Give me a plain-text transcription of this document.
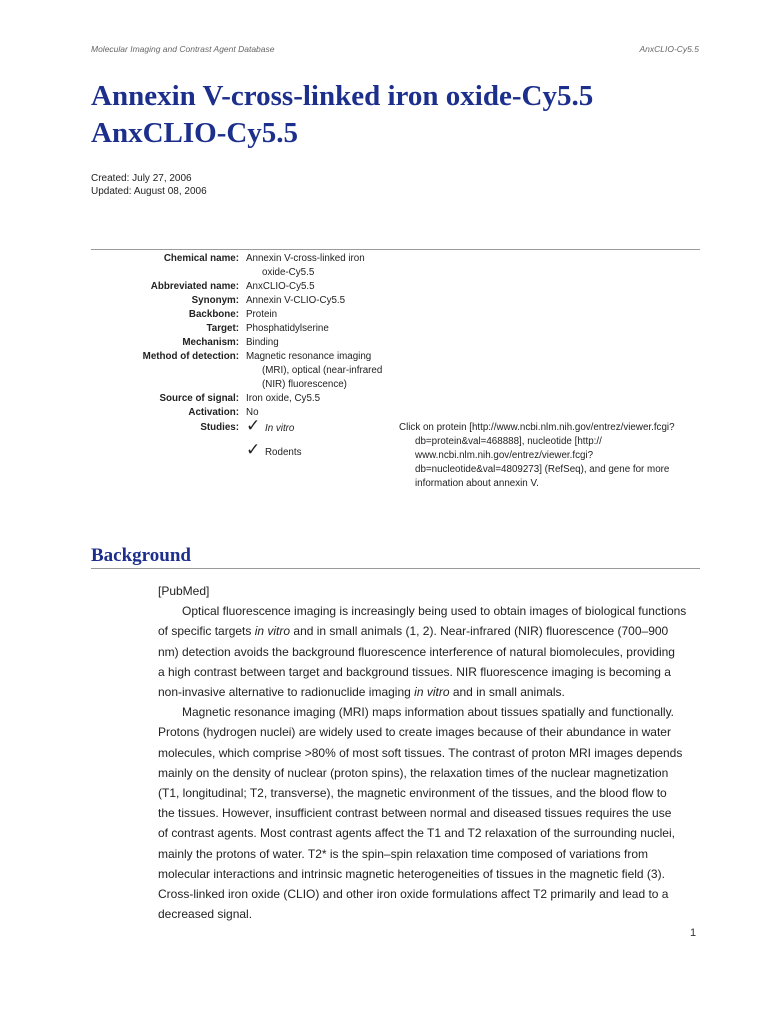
Molecular Imaging and Contrast Agent Database	AnxCLIO-Cy5.5
Annexin V-cross-linked iron oxide-Cy5.5
AnxCLIO-Cy5.5
Created: July 27, 2006
Updated: August 08, 2006
Chemical name: Annexin V-cross-linked iron
oxide-Cy5.5
Abbreviated name: AnxCLIO-Cy5.5
Synonym: Annexin V-CLIO-Cy5.5
Backbone: Protein
Target: Phosphatidylserine
Mechanism: Binding
Method of detection: Magnetic resonance imaging
(MRI), optical (near-infrared
(NIR) fluorescence)
Source of signal: Iron oxide, Cy5.5
Activation: No
Studies: ✓ In vitro
✓ Rodents
Click on protein [http://www.ncbi.nlm.nih.gov/entrez/viewer.fcgi?
db=protein&val=468888], nucleotide [http://
www.ncbi.nlm.nih.gov/entrez/viewer.fcgi?
db=nucleotide&val=4809273] (RefSeq), and gene for more
information about annexin V.
Background
[PubMed]
Optical fluorescence imaging is increasingly being used to obtain images of biological functions
of specific targets in vitro and in small animals (1, 2). Near-infrared (NIR) fluorescence (700–900
nm) detection avoids the background fluorescence interference of natural biomolecules, providing
a high contrast between target and background tissues. NIR fluorescence imaging is becoming a
non-invasive alternative to radionuclide imaging in vitro and in small animals.
Magnetic resonance imaging (MRI) maps information about tissues spatially and functionally.
Protons (hydrogen nuclei) are widely used to create images because of their abundance in water
molecules, which comprise >80% of most soft tissues. The contrast of proton MRI images depends
mainly on the density of nuclear (proton spins), the relaxation times of the nuclear magnetization
(T1, longitudinal; T2, transverse), the magnetic environment of the tissues, and the blood flow to
the tissues. However, insufficient contrast between normal and diseased tissues requires the use
of contrast agents. Most contrast agents affect the T1 and T2 relaxation of the surrounding nuclei,
mainly the protons of water. T2* is the spin–spin relaxation time composed of variations from
molecular interactions and intrinsic magnetic heterogeneities of tissues in the magnetic field (3).
Cross-linked iron oxide (CLIO) and other iron oxide formulations affect T2 primarily and lead to a
decreased signal.
1
